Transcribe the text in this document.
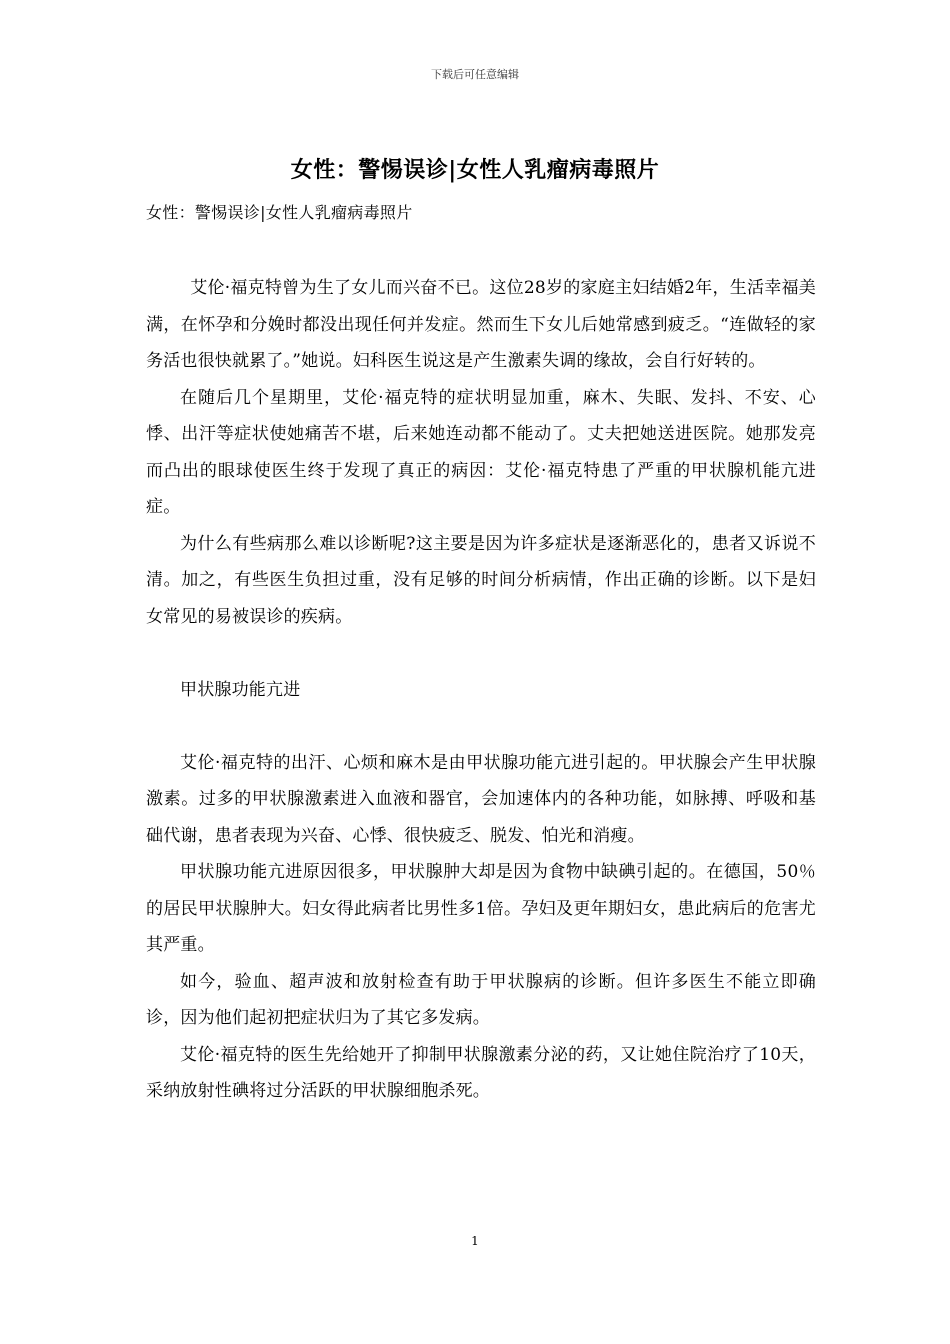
下载后可任意编辑
女性：警惕误诊|女性人乳瘤病毒照片
女性：警惕误诊|女性人乳瘤病毒照片

艾伦·福克特曾为生了女儿而兴奋不已。这位28岁的家庭主妇结婚2年，生活幸福美满，在怀孕和分娩时都没出现任何并发症。然而生下女儿后她常感到疲乏。“连做轻的家务活也很快就累了。”她说。妇科医生说这是产生激素失调的缘故，会自行好转的。

在随后几个星期里，艾伦·福克特的症状明显加重，麻木、失眠、发抖、不安、心悸、出汗等症状使她痛苦不堪，后来她连动都不能动了。丈夫把她送进医院。她那发亮而凸出的眼球使医生终于发现了真正的病因：艾伦·福克特患了严重的甲状腺机能亢进症。

为什么有些病那么难以诊断呢?这主要是因为许多症状是逐渐恶化的，患者又诉说不清。加之，有些医生负担过重，没有足够的时间分析病情，作出正确的诊断。以下是妇女常见的易被误诊的疾病。

甲状腺功能亢进

艾伦·福克特的出汗、心烦和麻木是由甲状腺功能亢进引起的。甲状腺会产生甲状腺激素。过多的甲状腺激素进入血液和器官，会加速体内的各种功能，如脉搏、呼吸和基础代谢，患者表现为兴奋、心悸、很快疲乏、脱发、怕光和消瘦。

甲状腺功能亢进原因很多，甲状腺肿大却是因为食物中缺碘引起的。在德国，50％的居民甲状腺肿大。妇女得此病者比男性多1倍。孕妇及更年期妇女，患此病后的危害尤其严重。

如今，验血、超声波和放射检查有助于甲状腺病的诊断。但许多医生不能立即确诊，因为他们起初把症状归为了其它多发病。

艾伦·福克特的医生先给她开了抑制甲状腺激素分泌的药，又让她住院治疗了10天，采纳放射性碘将过分活跃的甲状腺细胞杀死。

1
